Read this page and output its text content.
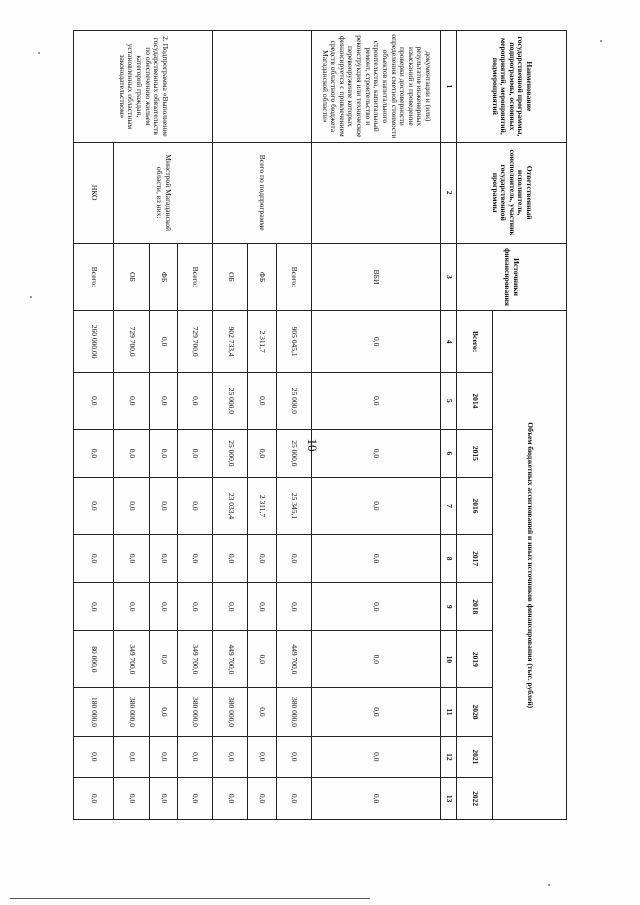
10
Наименование государственной программы, подпрограммы, основных мероприятий, мероприятий, подмероприятий	Ответственный исполнитель, соисполнитель, участник государственной программы	Источники финансирования	Объем бюджетных ассигнований и иных источников финансирования (тыс. рублей)									
			Всего:	2014	2015	2016	2017	2018	2019	2020	2021	2022
1	2	3	4	5	6	7	8	9	10	11	12	13
документации и (или) результатов инженерных изысканий и проведение проверки достоверности определения сметной стоимости объектов капитального строительства, капитальный ремонт, строительство и реконструкция или техническое перевооружение которых финансируется с привлечением средств областного бюджета Магаданской области»		ВБИ	0,0	0,0	0,0	0,0	0,0	0,0	0,0	0,0	0,0	0,0
	Всего по подпрограмме	Всего:	905 045,1	25 000,0	25 000,0	25 345,1	0,0	0,0	449 700,0	380 000,0	0,0	0,0
		ФБ	2 311,7	0,0	0,0	2 311,7	0,0	0,0	0,0	0,0	0,0	0,0
		ОБ	902 733,4	25 000,0	25 000,0	23 033,4	0,0	0,0	449 700,0	380 000,0	0,0	0,0
2. Подпрограмма «Выполнение государственных обязательств по обеспечению жильем категорий граждан, установленных областным законодательством»	Минстрой Магаданской области, из них:	Всего:	729 700,0	0,0	0,0	0,0	0,0	0,0	349 700,0	380 000,0	0,0	0,0
		ФБ	0,0	0,0	0,0	0,0	0,0	0,0	0,0	0,0	0,0	0,0
		ОБ	729 700,0	0,0	0,0	0,0	0,0	0,0	349 700,0	380 000,0	0,0	0,0
	НКО	Всего:	260 000,00	0,0	0,0	0,0	0,0	0,0	80 000,0	180 000,0	0,0	0,0
